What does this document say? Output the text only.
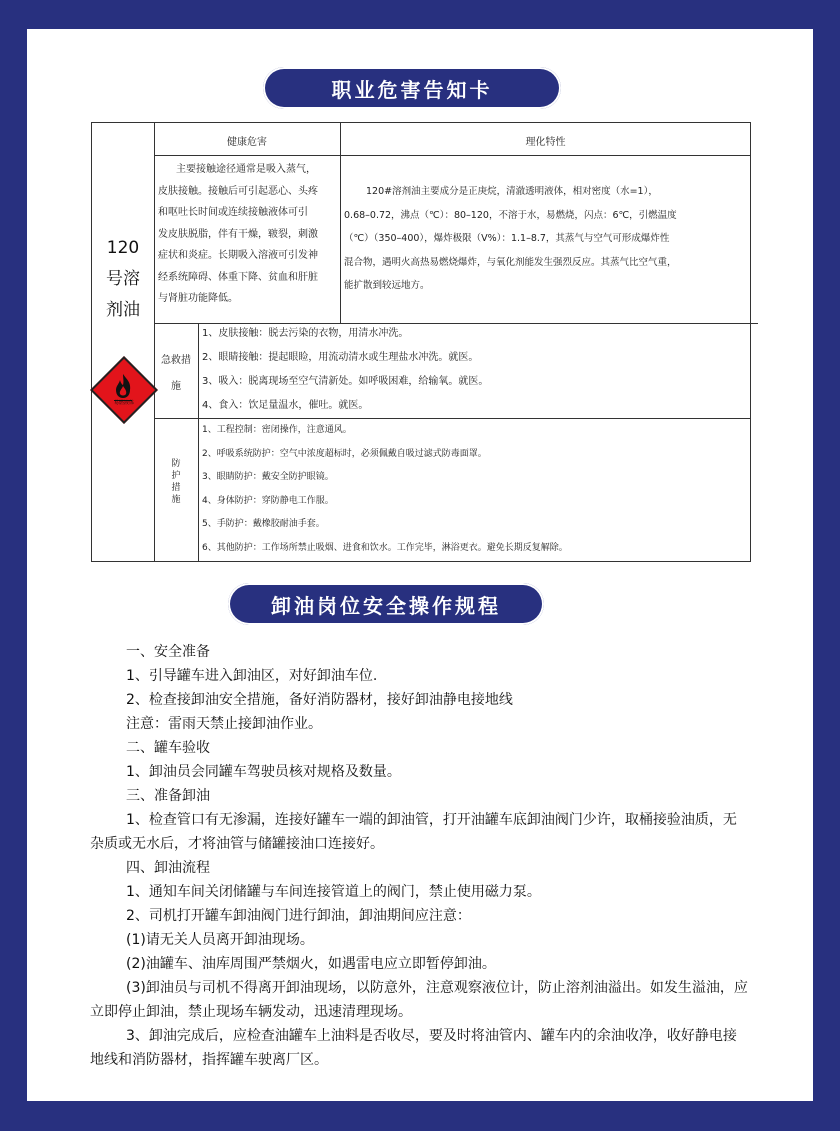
职业危害告知卡
120
号溶
剂油
易燃液体
健康危害	理化特性
主要接触途径通常是吸入蒸气，
皮肤接触。接触后可引起恶心、头疼
和呕吐长时间或连续接触液体可引
发皮肤脱脂，伴有干燥，皲裂，刺激
症状和炎症。长期吸入溶液可引发神
经系统障碍、体重下降、贫血和肝脏
与肾脏功能降低。
120#溶剂油主要成分是正庚烷，清澈透明液体，相对密度（水=1），
0.68–0.72，沸点（℃）：80–120，不溶于水，易燃烧，闪点：6℃，引燃温度
（℃）（350–400），爆炸极限（V%）：1.1–8.7，其蒸气与空气可形成爆炸性
混合物，遇明火高热易燃烧爆炸，与氧化剂能发生强烈反应。其蒸气比空气重，
能扩散到较远地方。
急救措
施
1、皮肤接触：脱去污染的衣物，用清水冲洗。
2、眼睛接触：提起眼睑，用流动清水或生理盐水冲洗。就医。
3、吸入：脱离现场至空气清新处。如呼吸困难，给输氧。就医。
4、食入：饮足量温水，催吐。就医。
防
护
措
施
1、工程控制：密闭操作，注意通风。
2、呼吸系统防护：空气中浓度超标时，必须佩戴自吸过滤式防毒面罩。
3、眼睛防护：戴安全防护眼镜。
4、身体防护：穿防静电工作服。
5、手防护：戴橡胶耐油手套。
6、其他防护：工作场所禁止吸烟、进食和饮水。工作完毕，淋浴更衣。避免长期反复解除。
卸油岗位安全操作规程

一、安全准备

1、引导罐车进入卸油区，对好卸油车位.

2、检查接卸油安全措施，备好消防器材，接好卸油静电接地线

注意：雷雨天禁止接卸油作业。

二、罐车验收

1、卸油员会同罐车驾驶员核对规格及数量。

三、准备卸油

1、检查管口有无渗漏，连接好罐车一端的卸油管，打开油罐车底卸油阀门少许，取桶接验油质，无杂质或无水后，才将油管与储罐接油口连接好。

四、卸油流程

1、通知车间关闭储罐与车间连接管道上的阀门，禁止使用磁力泵。

2、司机打开罐车卸油阀门进行卸油，卸油期间应注意：

(1)请无关人员离开卸油现场。

(2)油罐车、油库周围严禁烟火，如遇雷电应立即暂停卸油。

(3)卸油员与司机不得离开卸油现场，以防意外，注意观察液位计，防止溶剂油溢出。如发生溢油，应立即停止卸油，禁止现场车辆发动，迅速清理现场。

3、卸油完成后，应检查油罐车上油料是否收尽，要及时将油管内、罐车内的余油收净，收好静电接地线和消防器材，指挥罐车驶离厂区。
